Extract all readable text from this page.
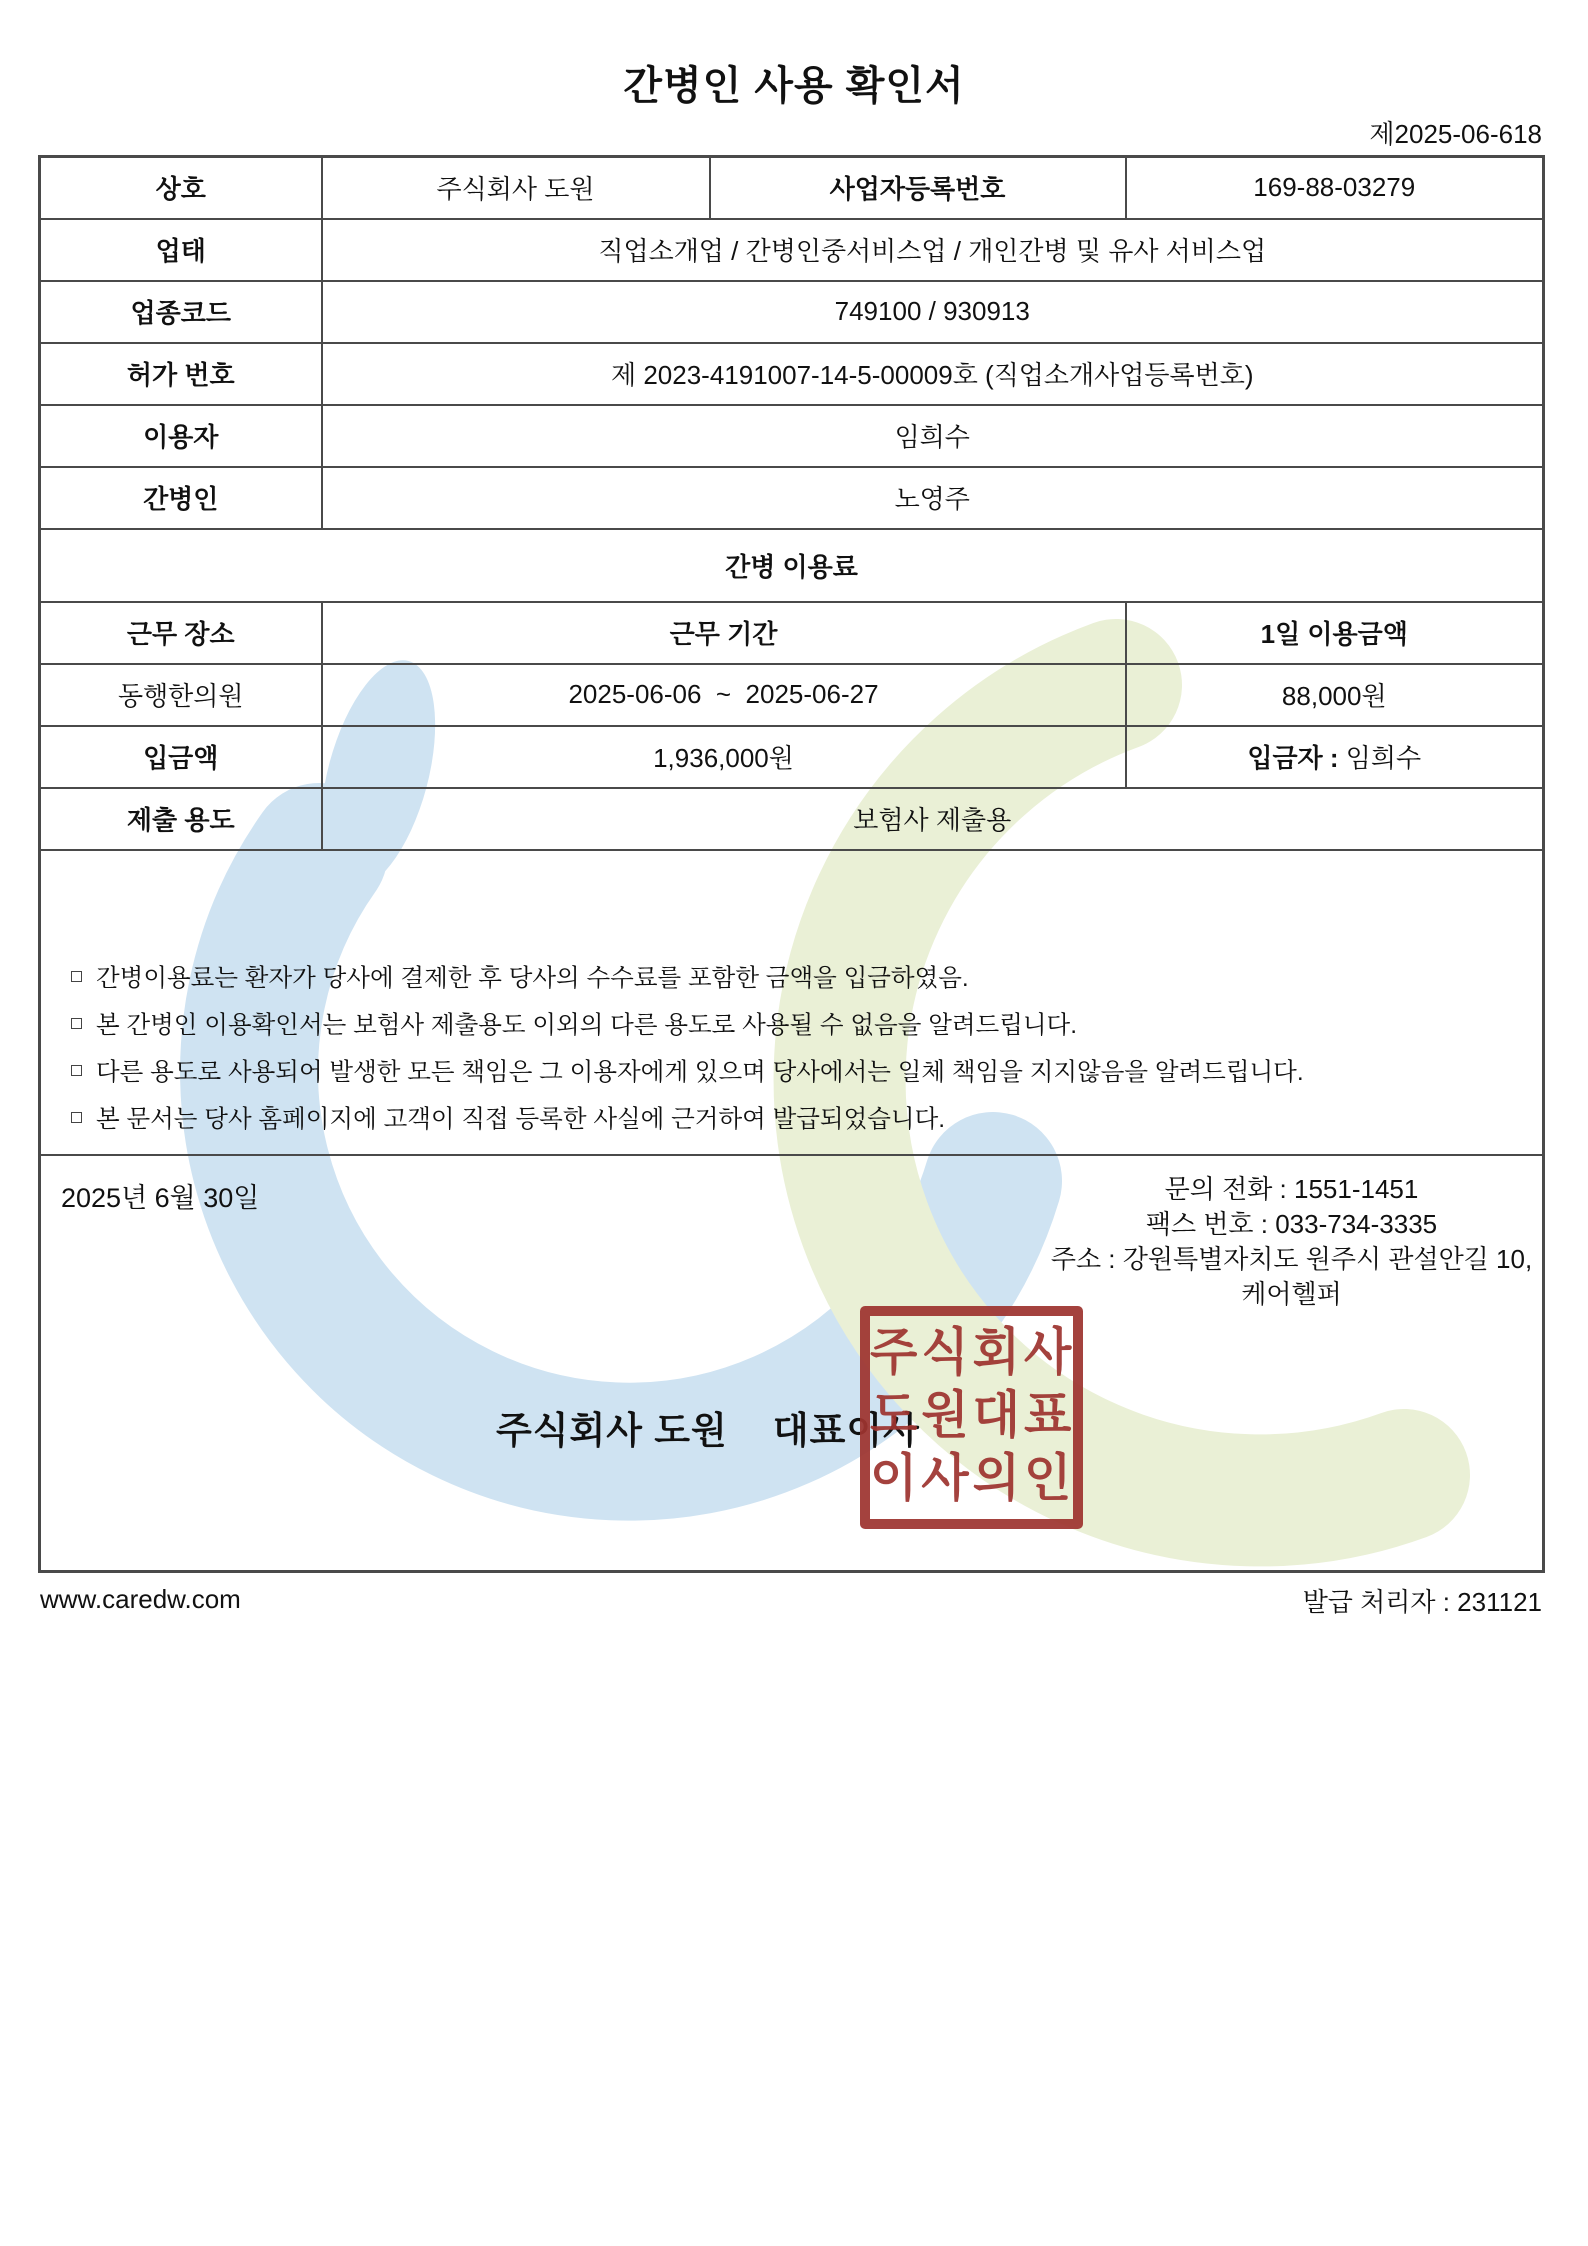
간병인 사용 확인서
제2025-06-618
상호	주식회사 도원	사업자등록번호	169-88-03279
업태	직업소개업 / 간병인중서비스업 / 개인간병 및 유사 서비스업		
업종코드	749100 / 930913		
허가 번호	제 2023-4191007-14-5-00009호 (직업소개사업등록번호)		
이용자	임희수		
간병인	노영주		
간병 이용료			
근무 장소	근무 기간		1일 이용금액
동행한의원	2025-06-06  ~  2025-06-27		88,000원
입금액	1,936,000원		입금자 : 임희수
제출 용도	보험사 제출용		

간병이용료는 환자가 당사에 결제한 후 당사의 수수료를 포함한 금액을 입금하였음.
본 간병인 이용확인서는 보험사 제출용도 이외의 다른 용도로 사용될 수 없음을 알려드립니다.
다른 용도로 사용되어 발생한 모든 책임은 그 이용자에게 있으며 당사에서는 일체 책임을 지지않음을 알려드립니다.
본 문서는 당사 홈페이지에 고객이 직접 등록한 사실에 근거하여 발급되었습니다.			

2025년 6월 30일	문의 전화 : 1551-1451
팩스 번호 : 033-734-3335
주소 : 강원특별자치도 원주시 관설안길 10, 케어헬퍼
주식회사 도원    대표이사
주식회사
도원대표
이사의인
www.caredw.com	발급 처리자 : 231121
